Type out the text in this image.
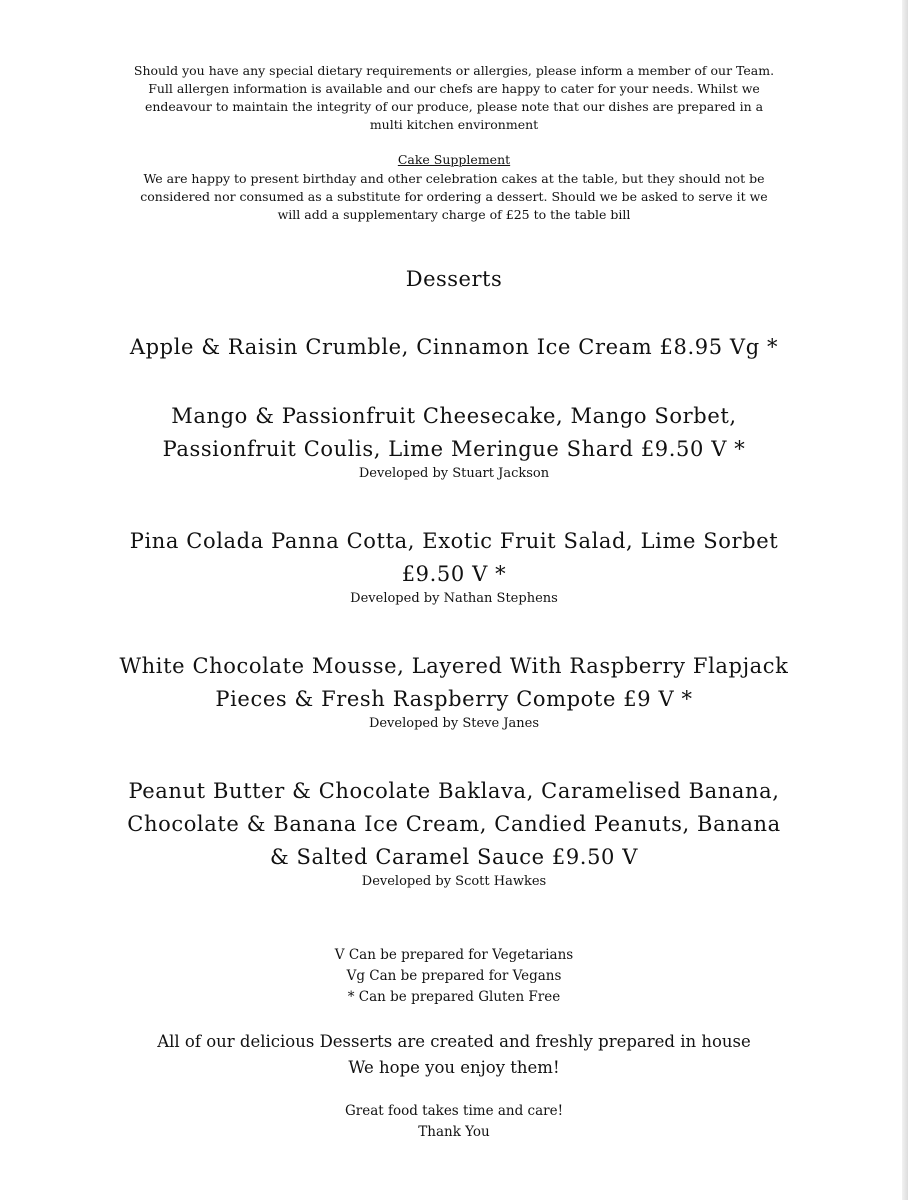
Should you have any special dietary requirements or allergies, please inform a member of our Team.
Full allergen information is available and our chefs are happy to cater for your needs. Whilst we
endeavour to maintain the integrity of our produce, please note that our dishes are prepared in a
multi kitchen environment
Cake Supplement
We are happy to present birthday and other celebration cakes at the table, but they should not be
considered nor consumed as a substitute for ordering a dessert. Should we be asked to serve it we
will add a supplementary charge of £25 to the table bill
Desserts
Apple & Raisin Crumble, Cinnamon Ice Cream £8.95 Vg *
Mango & Passionfruit Cheesecake, Mango Sorbet,
Passionfruit Coulis, Lime Meringue Shard £9.50 V *
Developed by Stuart Jackson
Pina Colada Panna Cotta, Exotic Fruit Salad, Lime Sorbet
£9.50 V *
Developed by Nathan Stephens
White Chocolate Mousse, Layered With Raspberry Flapjack
Pieces & Fresh Raspberry Compote £9 V *
Developed by Steve Janes
Peanut Butter & Chocolate Baklava, Caramelised Banana,
Chocolate & Banana Ice Cream, Candied Peanuts, Banana
& Salted Caramel Sauce £9.50 V
Developed by Scott Hawkes
V Can be prepared for Vegetarians
Vg Can be prepared for Vegans
* Can be prepared Gluten Free
All of our delicious Desserts are created and freshly prepared in house
We hope you enjoy them!
Great food takes time and care!
Thank You
